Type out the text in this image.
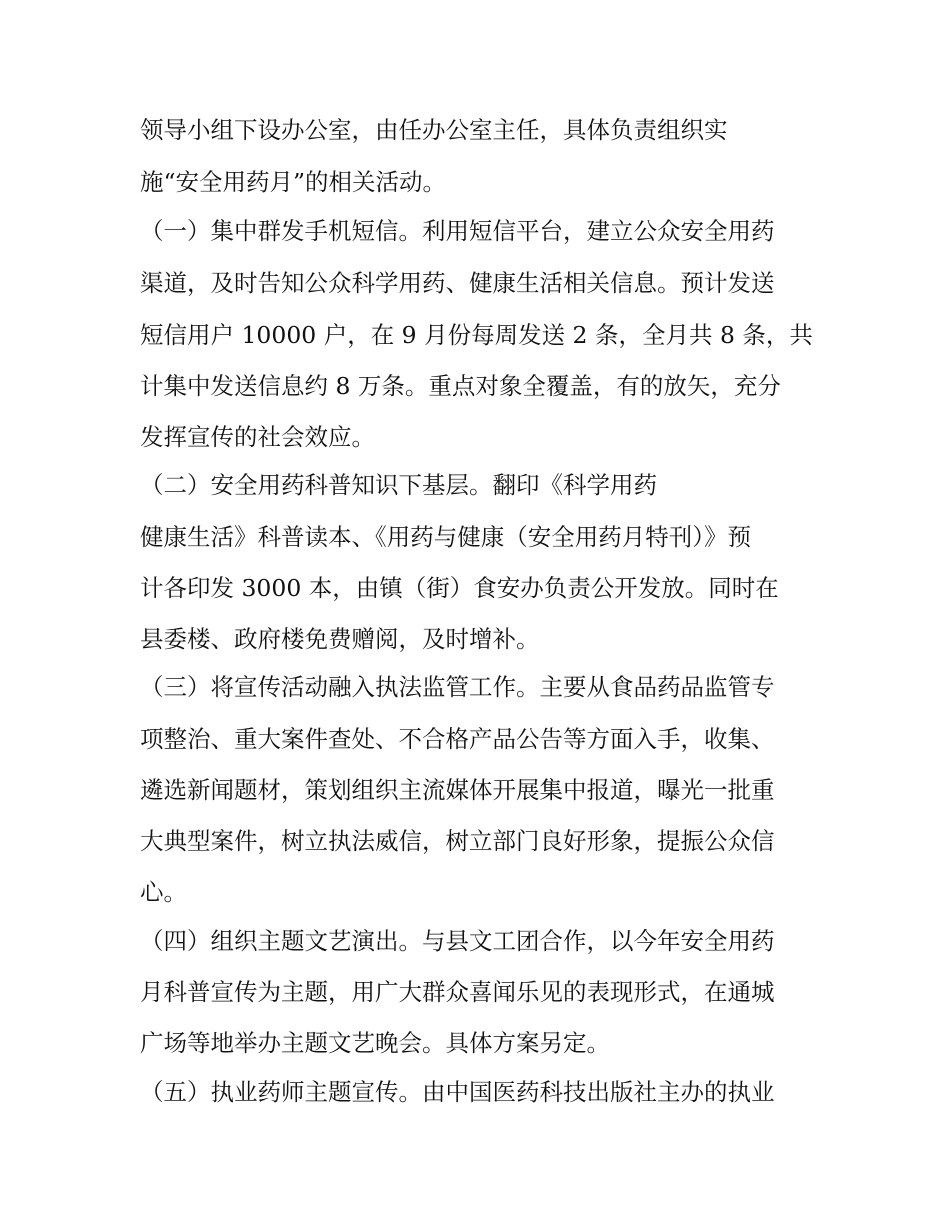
领导小组下设办公室，由任办公室主任，具体负责组织实
施“安全用药月”的相关活动。
（一）集中群发手机短信。利用短信平台，建立公众安全用药
渠道，及时告知公众科学用药、健康生活相关信息。预计发送
短信用户 10000 户，在 9 月份每周发送 2 条，全月共 8 条，共
计集中发送信息约 8 万条。重点对象全覆盖，有的放矢，充分
发挥宣传的社会效应。
（二）安全用药科普知识下基层。翻印《科学用药
健康生活》科普读本、《用药与健康（安全用药月特刊）》预
计各印发 3000 本，由镇（街）食安办负责公开发放。同时在
县委楼、政府楼免费赠阅，及时增补。
（三）将宣传活动融入执法监管工作。主要从食品药品监管专
项整治、重大案件查处、不合格产品公告等方面入手，收集、
遴选新闻题材，策划组织主流媒体开展集中报道，曝光一批重
大典型案件，树立执法威信，树立部门良好形象，提振公众信
心。
（四）组织主题文艺演出。与县文工团合作，以今年安全用药
月科普宣传为主题，用广大群众喜闻乐见的表现形式，在通城
广场等地举办主题文艺晚会。具体方案另定。
（五）执业药师主题宣传。由中国医药科技出版社主办的执业
